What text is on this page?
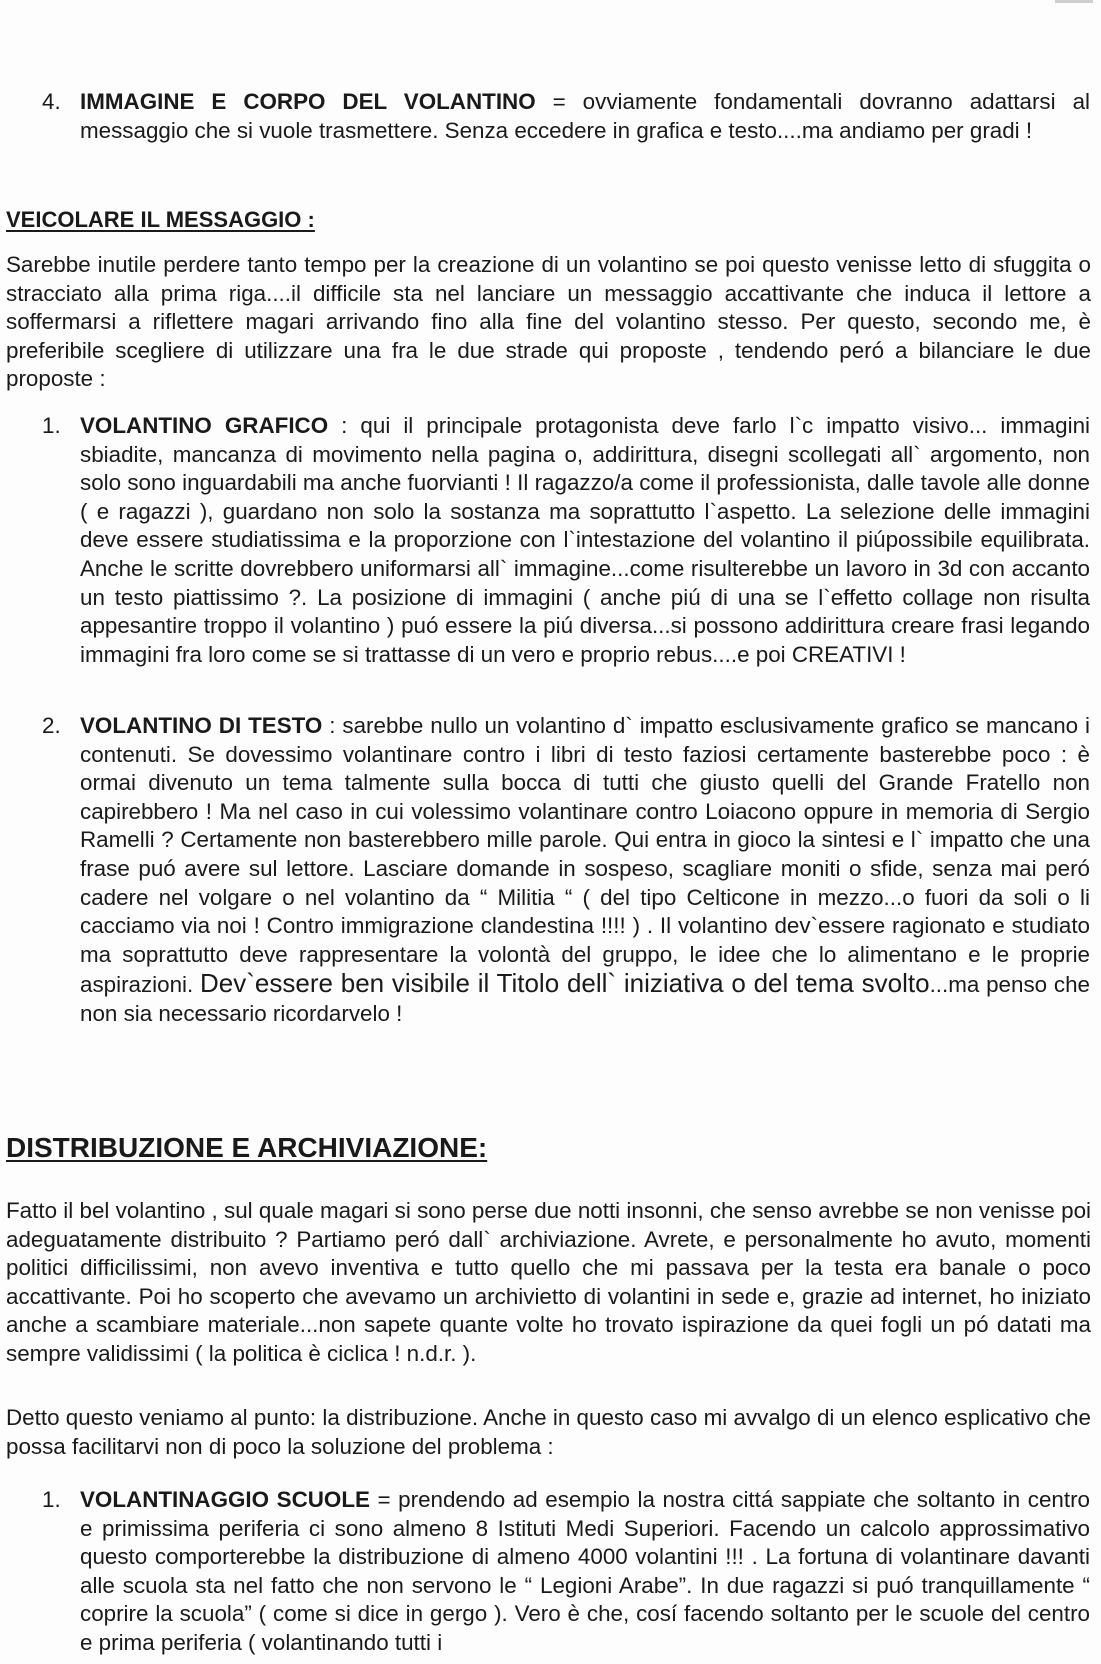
4. IMMAGINE E CORPO DEL VOLANTINO = ovviamente fondamentali dovranno adattarsi al messaggio che si vuole trasmettere. Senza eccedere in grafica e testo....ma andiamo per gradi !
VEICOLARE IL MESSAGGIO :
Sarebbe inutile perdere tanto tempo per la creazione di un volantino se poi questo venisse letto di sfuggita o stracciato alla prima riga....il difficile sta nel lanciare un messaggio accattivante che induca il lettore a soffermarsi a riflettere magari arrivando fino alla fine del volantino stesso. Per questo, secondo me, è preferibile scegliere di utilizzare una fra le due strade qui proposte , tendendo peró a bilanciare le due proposte :
1. VOLANTINO GRAFICO : qui il principale protagonista deve farlo l`c impatto visivo... immagini sbiadite, mancanza di movimento nella pagina o, addirittura, disegni scollegati all` argomento, non solo sono inguardabili ma anche fuorvianti ! Il ragazzo/a come il professionista, dalle tavole alle donne ( e ragazzi ), guardano non solo la sostanza ma soprattutto l`aspetto. La selezione delle immagini deve essere studiatissima e la proporzione con l`intestazione del volantino il piúpossibile equilibrata. Anche le scritte dovrebbero uniformarsi all` immagine...come risulterebbe un lavoro in 3d con accanto un testo piattissimo ?. La posizione di immagini ( anche piú di una se l`effetto collage non risulta appesantire troppo il volantino ) puó essere la piú diversa...si possono addirittura creare frasi legando immagini fra loro come se si trattasse di un vero e proprio rebus....e poi CREATIVI !
2. VOLANTINO DI TESTO : sarebbe nullo un volantino d` impatto esclusivamente grafico se mancano i contenuti. Se dovessimo volantinare contro i libri di testo faziosi certamente basterebbe poco : è ormai divenuto un tema talmente sulla bocca di tutti che giusto quelli del Grande Fratello non capirebbero ! Ma nel caso in cui volessimo volantinare contro Loiacono oppure in memoria di Sergio Ramelli ? Certamente non basterebbero mille parole. Qui entra in gioco la sintesi e l` impatto che una frase puó avere sul lettore. Lasciare domande in sospeso, scagliare moniti o sfide, senza mai peró cadere nel volgare o nel volantino da “ Militia “ ( del tipo Celticone in mezzo...o fuori da soli o li cacciamo via noi ! Contro immigrazione clandestina !!!! ) . Il volantino dev`essere ragionato e studiato ma soprattutto deve rappresentare la volontà del gruppo, le idee che lo alimentano e le proprie aspirazioni. Dev`essere ben visibile il Titolo dell` iniziativa o del tema svolto...ma penso che non sia necessario ricordarvelo !
DISTRIBUZIONE E ARCHIVIAZIONE:
Fatto il bel volantino , sul quale magari si sono perse due notti insonni, che senso avrebbe se non venisse poi adeguatamente distribuito ? Partiamo peró dall` archiviazione. Avrete, e personalmente ho avuto, momenti politici difficilissimi, non avevo inventiva e tutto quello che mi passava per la testa era banale o poco accattivante. Poi ho scoperto che avevamo un archivietto di volantini in sede e, grazie ad internet, ho iniziato anche a scambiare materiale...non sapete quante volte ho trovato ispirazione da quei fogli un pó datati ma sempre validissimi ( la politica è ciclica ! n.d.r. ).
Detto questo veniamo al punto: la distribuzione. Anche in questo caso mi avvalgo di un elenco esplicativo che possa facilitarvi non di poco la soluzione del problema :
1. VOLANTINAGGIO SCUOLE = prendendo ad esempio la nostra cittá sappiate che soltanto in centro e primissima periferia ci sono almeno 8 Istituti Medi Superiori. Facendo un calcolo approssimativo questo comporterebbe la distribuzione di almeno 4000 volantini !!! . La fortuna di volantinare davanti alle scuola sta nel fatto che non servono le “ Legioni Arabe”. In due ragazzi si puó tranquillamente “ coprire la scuola” ( come si dice in gergo ). Vero è che, cosí facendo soltanto per le scuole del centro e prima periferia ( volantinando tutti i
